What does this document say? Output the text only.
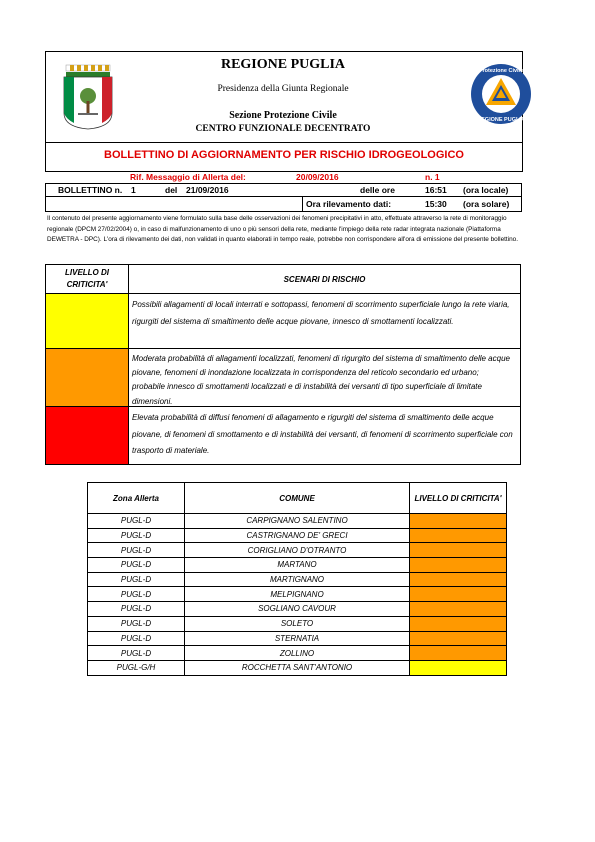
REGIONE PUGLIA
Presidenza della Giunta Regionale
Sezione Protezione Civile
CENTRO FUNZIONALE DECENTRATO
Protezione Civile
REGIONE PUGLIA
BOLLETTINO DI AGGIORNAMENTO PER RISCHIO IDROGEOLOGICO
Rif. Messaggio di Allerta del:	20/09/2016	n. 1
BOLLETTINO n. 1	del 21/09/2016	delle ore	16:51 (ora locale)
Ora rilevamento dati:	15:30 (ora solare)
Il contenuto del presente aggiornamento viene formulato sulla base delle osservazioni dei fenomeni precipitativi in atto, effettuate attraverso la rete di monitoraggio regionale (DPCM 27/02/2004) o, in caso di malfunzionamento di uno o più sensori della rete, mediante l'impiego della rete radar integrata nazionale (Piattaforma DEWETRA - DPC). L'ora di rilevamento dei dati, non validati in quanto elaborati in tempo reale, potrebbe non corrispondere all'ora di emissione del presente bollettino.
LIVELLO DI CRITICITA'
SCENARI DI RISCHIO
Possibili allagamenti di locali interrati e sottopassi, fenomeni di scorrimento superficiale lungo la rete viaria, rigurgiti del sistema di smaltimento delle acque piovane, innesco di smottamenti localizzati.
Moderata probabilità di allagamenti localizzati, fenomeni di rigurgito del sistema di smaltimento delle acque piovane, fenomeni di inondazione localizzata in corrispondenza del reticolo secondario ed urbano; probabile innesco di smottamenti localizzati e di instabilità dei versanti di tipo superficiale di limitate dimensioni.
Elevata probabilità di diffusi fenomeni di allagamento e rigurgiti del sistema di smaltimento delle acque piovane, di fenomeni di smottamento e di instabilità dei versanti, di fenomeni di scorrimento superficiale con trasporto di materiale.
Zona Allerta	COMUNE	LIVELLO DI CRITICITA'
PUGL-D	CARPIGNANO SALENTINO	
PUGL-D	CASTRIGNANO DE' GRECI	
PUGL-D	CORIGLIANO D'OTRANTO	
PUGL-D	MARTANO	
PUGL-D	MARTIGNANO	
PUGL-D	MELPIGNANO	
PUGL-D	SOGLIANO CAVOUR	
PUGL-D	SOLETO	
PUGL-D	STERNATIA	
PUGL-D	ZOLLINO	
PUGL-G/H	ROCCHETTA SANT'ANTONIO	
